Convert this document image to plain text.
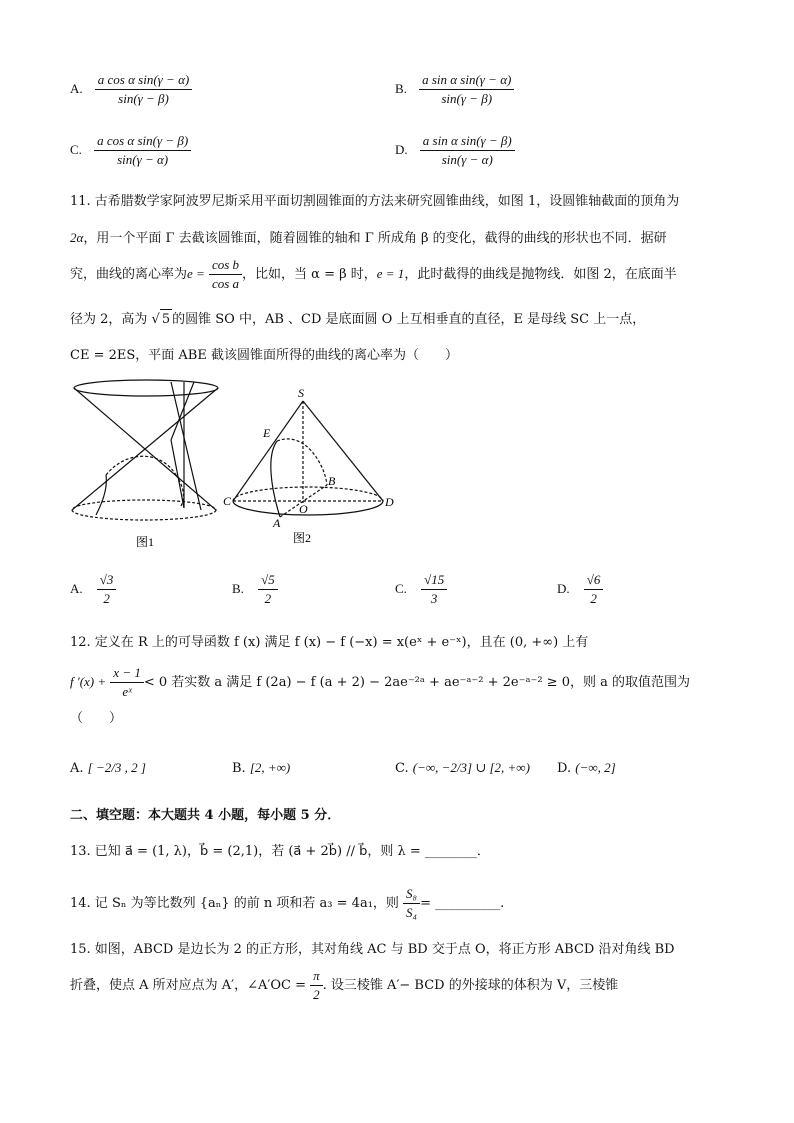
A. $\frac{\text{a cos α sin(γ − α)}}{\sin(\gamma - \beta)}$	B. $\frac{\text{a sin α sin(γ − α)}}{\sin(\gamma - \beta)}$
C. $\frac{\text{a cos α sin(γ − β)}}{\sin(\gamma - \alpha)}$	D. $\frac{\text{a sin α sin(γ − β)}}{\sin(\gamma - \alpha)}$
11. 古希腊数学家阿波罗尼斯采用平面切割圆锥面的方法来研究圆锥曲线，如图 1，设圆锥轴截面的顶角为
2α，用一个平面 Γ 去截该圆锥面，随着圆锥的轴和 Γ 所成角 β 的变化，截得的曲线的形状也不同．据研
究，曲线的离心率为$e = \frac{\text{cos b}}{\text{cos a}}$ ，比如，当 α = β 时，e = 1，此时截得的曲线是抛物线．如图 2，在底面半
径为 2，高为 √ 5 的圆锥 SO 中，AB 、CD 是底面圆 O 上互相垂直的直径，E 是母线 SC 上一点，
CE = 2ES，平面 ABE 截该圆锥面所得的曲线的离心率为（　　）
图1
S
E
B
C
O	D
A
图2
A. $\frac{√3}{2}$	B. $\frac{√5}{2}$	C. $\frac{√15}{3}$	D. $\frac{√6}{2}$
12. 定义在 R 上的可导函数 f (x) 满足 f (x) − f (−x) = x(eˣ + e⁻ˣ)，且在 (0, +∞) 上有
f $'(x) + \frac{x - 1}{\text{eˣ}} < 0$ 若实数 a 满足 f (2a) − f (a + 2) − 2ae⁻²ᵃ + ae⁻ᵃ⁻² + 2e⁻ᵃ⁻² ≥ 0，则 a 的取值范围为
（　　）
A. [ −2/3 , 2 ]	B. [2, +∞)	C. (−∞, −2/3] ∪ [2, +∞) D. (−∞, 2]
二、填空题：本大题共 4 小题，每小题 5 分．
13. 已知 a⃗ = (1, λ)，b⃗ = (2,1)，若 (a⃗ + 2b⃗) // b⃗，则 λ = ________．
14. 记 Sₙ 为等比数列 {aₙ} 的前 n 项和若 a₃ = 4a₁，则 $\frac{\text{S₈}}{\text{S₄}}$ = __________.
15. 如图，ABCD 是边长为 2 的正方形，其对角线 AC 与 BD 交于点 O，将正方形 ABCD 沿对角线 BD
折叠，使点 A 所对应点为 A′，∠A′OC = $\frac{\pi}{2}$ . 设三棱锥 A′− BCD 的外接球的体积为 V，三棱锥
